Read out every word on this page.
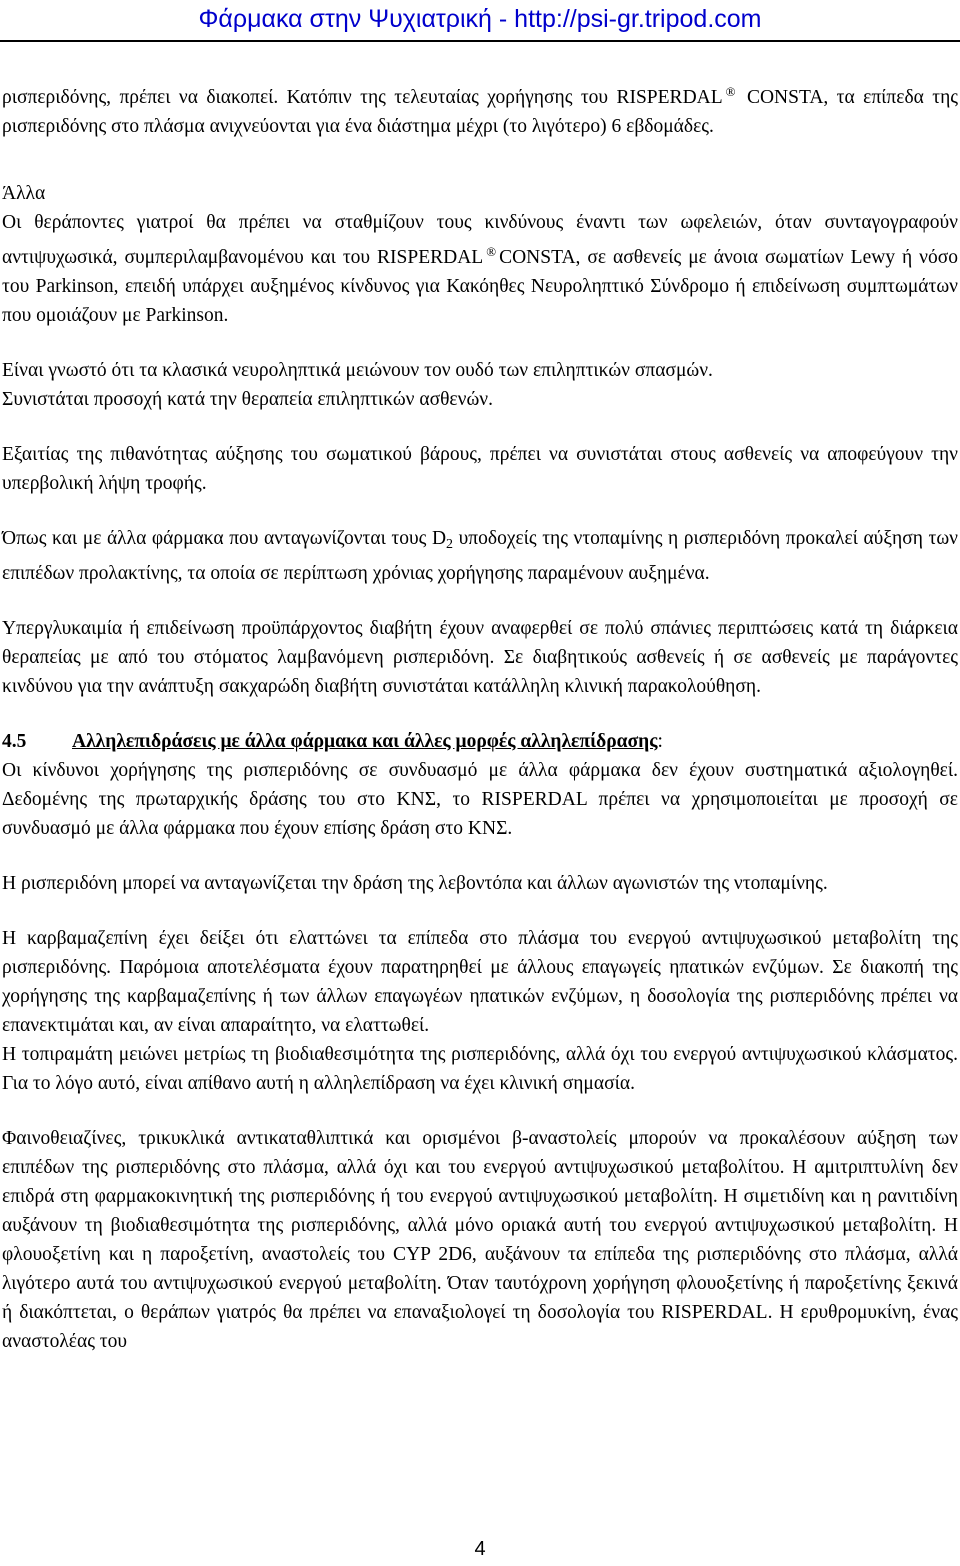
Φάρμακα στην Ψυχιατρική - http://psi-gr.tripod.com

ρισπεριδόνης, πρέπει να διακοπεί. Κατόπιν της τελευταίας χορήγησης του RISPERDAL ® CONSTA, τα επίπεδα της ρισπεριδόνης στο πλάσμα ανιχνεύονται για ένα διάστημα μέχρι (το λιγότερο) 6 εβδομάδες.

Άλλα
Οι θεράποντες γιατροί θα πρέπει να σταθμίζουν τους κινδύνους έναντι των ωφελειών, όταν συνταγογραφούν αντιψυχωσικά, συμπεριλαμβανομένου και του RISPERDAL ® CONSTA, σε ασθενείς με άνοια σωματίων Lewy ή νόσο του Parkinson, επειδή υπάρχει αυξημένος κίνδυνος για Κακόηθες Νευροληπτικό Σύνδρομο ή επιδείνωση συμπτωμάτων που ομοιάζουν με Parkinson.

Είναι γνωστό ότι τα κλασικά νευροληπτικά μειώνουν τον ουδό των επιληπτικών σπασμών.
Συνιστάται προσοχή κατά την θεραπεία επιληπτικών ασθενών.

Εξαιτίας της πιθανότητας αύξησης του σωματικού βάρους, πρέπει να συνιστάται στους ασθενείς να αποφεύγουν την υπερβολική λήψη τροφής.

Όπως και με άλλα φάρμακα που ανταγωνίζονται τους $D_2$ υποδοχείς της ντοπαμίνης η ρισπεριδόνη προκαλεί αύξηση των επιπέδων προλακτίνης, τα οποία σε περίπτωση χρόνιας χορήγησης παραμένουν αυξημένα.

Υπεργλυκαιμία ή επιδείνωση προϋπάρχοντος διαβήτη έχουν αναφερθεί σε πολύ σπάνιες περιπτώσεις κατά τη διάρκεια θεραπείας με από του στόματος λαμβανόμενη ρισπεριδόνη. Σε διαβητικούς ασθενείς ή σε ασθενείς με παράγοντες κινδύνου για την ανάπτυξη σακχαρώδη διαβήτη συνιστάται κατάλληλη κλινική παρακολούθηση.

4.5 Αλληλεπιδράσεις με άλλα φάρμακα και άλλες μορφές αλληλεπίδρασης:
Οι κίνδυνοι χορήγησης της ρισπεριδόνης σε συνδυασμό με άλλα φάρμακα δεν έχουν συστηματικά αξιολογηθεί. Δεδομένης της πρωταρχικής δράσης του στο ΚΝΣ, το RISPERDAL πρέπει να χρησιμοποιείται με προσοχή σε συνδυασμό με άλλα φάρμακα που έχουν επίσης δράση στο ΚΝΣ.

Η ρισπεριδόνη μπορεί να ανταγωνίζεται την δράση της λεβοντόπα και άλλων αγωνιστών της ντοπαμίνης.

Η καρβαμαζεπίνη έχει δείξει ότι ελαττώνει τα επίπεδα στο πλάσμα του ενεργού αντιψυχωσικού μεταβολίτη της ρισπεριδόνης. Παρόμοια αποτελέσματα έχουν παρατηρηθεί με άλλους επαγωγείς ηπατικών ενζύμων. Σε διακοπή της χορήγησης της καρβαμαζεπίνης ή των άλλων επαγωγέων ηπατικών ενζύμων, η δοσολογία της ρισπεριδόνης πρέπει να επανεκτιμάται και, αν είναι απαραίτητο, να ελαττωθεί.

Η τοπιραμάτη μειώνει μετρίως τη βιοδιαθεσιμότητα της ρισπεριδόνης, αλλά όχι του ενεργού αντιψυχωσικού κλάσματος. Για το λόγο αυτό, είναι απίθανο αυτή η αλληλεπίδραση να έχει κλινική σημασία.

Φαινοθειαζίνες, τρικυκλικά αντικαταθλιπτικά και ορισμένοι β-αναστολείς μπορούν να προκαλέσουν αύξηση των επιπέδων της ρισπεριδόνης στο πλάσμα, αλλά όχι και του ενεργού αντιψυχωσικού μεταβολίτου. Η αμιτριπτυλίνη δεν επιδρά στη φαρμακοκινητική της ρισπεριδόνης ή του ενεργού αντιψυχωσικού μεταβολίτη. Η σιμετιδίνη και η ρανιτιδίνη αυξάνουν τη βιοδιαθεσιμότητα της ρισπεριδόνης, αλλά μόνο οριακά αυτή του ενεργού αντιψυχωσικού μεταβολίτη. Η φλουοξετίνη και η παροξετίνη, αναστολείς του CYP 2D6, αυξάνουν τα επίπεδα της ρισπεριδόνης στο πλάσμα, αλλά λιγότερο αυτά του αντιψυχωσικού ενεργού μεταβολίτη. Όταν ταυτόχρονη χορήγηση φλουοξετίνης ή παροξετίνης ξεκινά ή διακόπτεται, ο θεράπων γιατρός θα πρέπει να επαναξιολογεί τη δοσολογία του RISPERDAL. Η ερυθρομυκίνη, ένας αναστολέας του

4
